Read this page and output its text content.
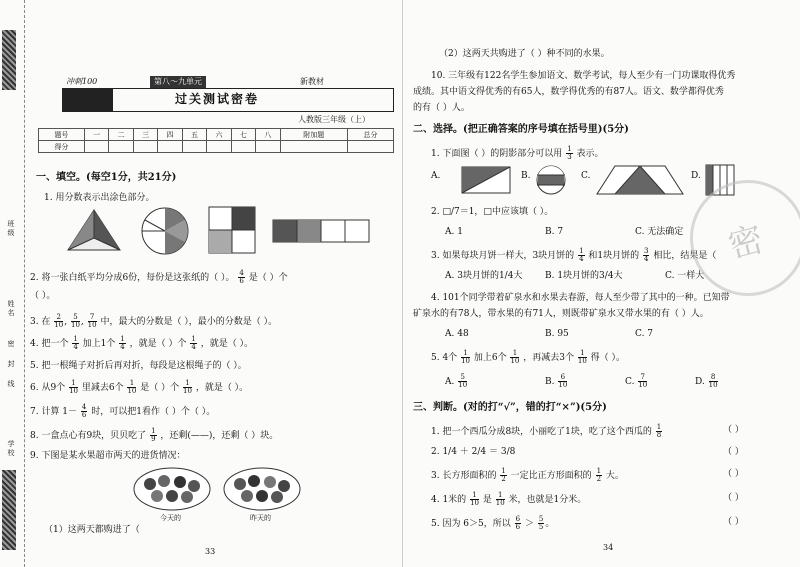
班级
姓名
密
封
线
学校
冲刺100	第八～九单元	新教材
过关测试密卷
人教版三年级（上）
题号	一	二	三	四	五	六	七	八	附加题	总分
得分										
一、填空。(每空1分，共21分)
1. 用分数表示出涂色部分。
2. 将一张白纸平均分成6份，每份是这张纸的（ ）。 $\frac{4}{6}$ 是（ ）个
（ ）。
3. 在 $\frac{2}{10}$ , $\frac{5}{10}$ , $\frac{7}{10}$ 中，最大的分数是（ ），最小的分数是（ ）。
4. 把一个 $\frac{1}{4}$ 加上1个 $\frac{1}{4}$ ，就是（ ）个 $\frac{1}{4}$ ，就是（ ）。
5. 把一根绳子对折后再对折，每段是这根绳子的（ ）。
6. 从9个 $\frac{1}{10}$ 里减去6个 $\frac{1}{10}$ 是（ ）个 $\frac{1}{10}$ ，就是（ ）。
7. 计算 $1- \frac{4}{6}$ 时，可以把1看作（ ）个（ ）。
8. 一盒点心有9块，贝贝吃了 $\frac{1}{9}$ ，还剩(——)，还剩（ ）块。
9. 下图是某水果超市两天的进货情况：
今天的	昨天的
（1）这两天都购进了（
33
（2）这两天共购进了（ ）种不同的水果。
10. 三年级有122名学生参加语文、数学考试，每人至少有一门功课取得优秀
成绩。其中语文得优秀的有65人，数学得优秀的有87人。语文、数学都得优秀
的有（ ）人。
二、选择。(把正确答案的序号填在括号里)(5分)
1. 下面图（ ）的阴影部分可以用 $\frac{1}{3}$ 表示。
A.	B.	C.	D.
2. □/7＝1，□中应该填（ ）。
A. 1	B. 7	C. 无法确定
3. 如果每块月饼一样大，3块月饼的 $\frac{1}{4}$ 和1块月饼的 $\frac{3}{4}$ 相比，结果是（
A. 3块月饼的1/4大	B. 1块月饼的3/4大	C. 一样大
4. 101个同学带着矿泉水和水果去春游，每人至少带了其中的一种。已知带
矿泉水的有78人，带水果的有71人，则既带矿泉水又带水果的有（ ）人。
A. 48	B. 95	C. 7
5. 4个 $\frac{1}{10}$ 加上6个 $\frac{1}{10}$ ，再减去3个 $\frac{1}{10}$ 得（ ）。
A. $\frac{5}{10}$	B. $\frac{6}{10}$	C. $\frac{7}{10}$	D. $\frac{8}{10}$
三、判断。(对的打“√”，错的打“×”)(5分)
1. 把一个西瓜分成8块，小丽吃了1块，吃了这个西瓜的 $\frac{1}{8}$	（ ）
2. 1/4 ＋ 2/4 ＝ 3/8	（ ）
3. 长方形面积的 $\frac{1}{2}$ 一定比正方形面积的 $\frac{1}{2}$ 大。	（ ）
4. 1米的 $\frac{1}{10}$ 是 $\frac{1}{10}$ 米，也就是1分米。	（ ）
5. 因为 6＞5，所以 $\frac{6}{6} > \frac{5}{5}$ 。	（ ）
34
密
